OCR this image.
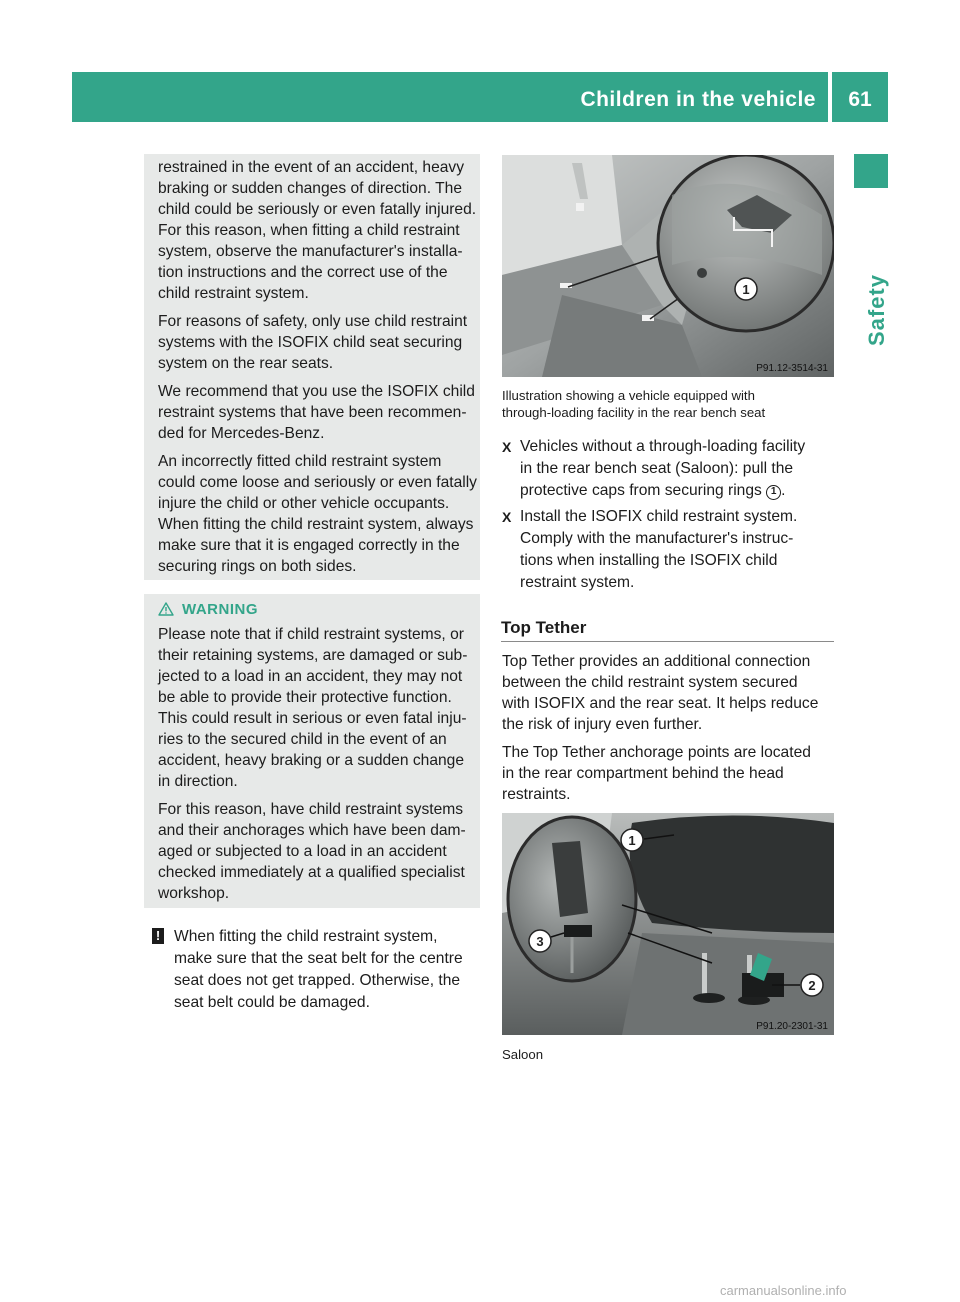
Children in the vehicle	61
Safety

restrained in the event of an accident, heavy

braking or sudden changes of direction. The

child could be seriously or even fatally injured.

For this reason, when fitting a child restraint

system, observe the manufacturer's installa-

tion instructions and the correct use of the

child restraint system.

For reasons of safety, only use child restraint

systems with the ISOFIX child seat securing

system on the rear seats.

We recommend that you use the ISOFIX child

restraint systems that have been recommen-

ded for Mercedes-Benz.

An incorrectly fitted child restraint system

could come loose and seriously or even fatally

injure the child or other vehicle occupants.

When fitting the child restraint system, always

make sure that it is engaged correctly in the

securing rings on both sides.

WARNING

Please note that if child restraint systems, or

their retaining systems, are damaged or sub-

jected to a load in an accident, they may not

be able to provide their protective function.

This could result in serious or even fatal inju-

ries to the secured child in the event of an

accident, heavy braking or a sudden change

in direction.

For this reason, have child restraint systems

and their anchorages which have been dam-

aged or subjected to a load in an accident

checked immediately at a qualified specialist

workshop.

! When fitting the child restraint system,

make sure that the seat belt for the centre

seat does not get trapped. Otherwise, the

seat belt could be damaged.

1
P91.12-3514-31

Illustration showing a vehicle equipped with

through-loading facility in the rear bench seat

X Vehicles without a through-loading facility

in the rear bench seat (Saloon): pull the

protective caps from securing rings 1 .

X Install the ISOFIX child restraint system.

Comply with the manufacturer's instruc-

tions when installing the ISOFIX child

restraint system.

Top Tether

Top Tether provides an additional connection

between the child restraint system secured

with ISOFIX and the rear seat. It helps reduce

the risk of injury even further.

The Top Tether anchorage points are located

in the rear compartment behind the head

restraints.

1
2
3
P91.20-2301-31
Saloon
carmanualsonline.info
